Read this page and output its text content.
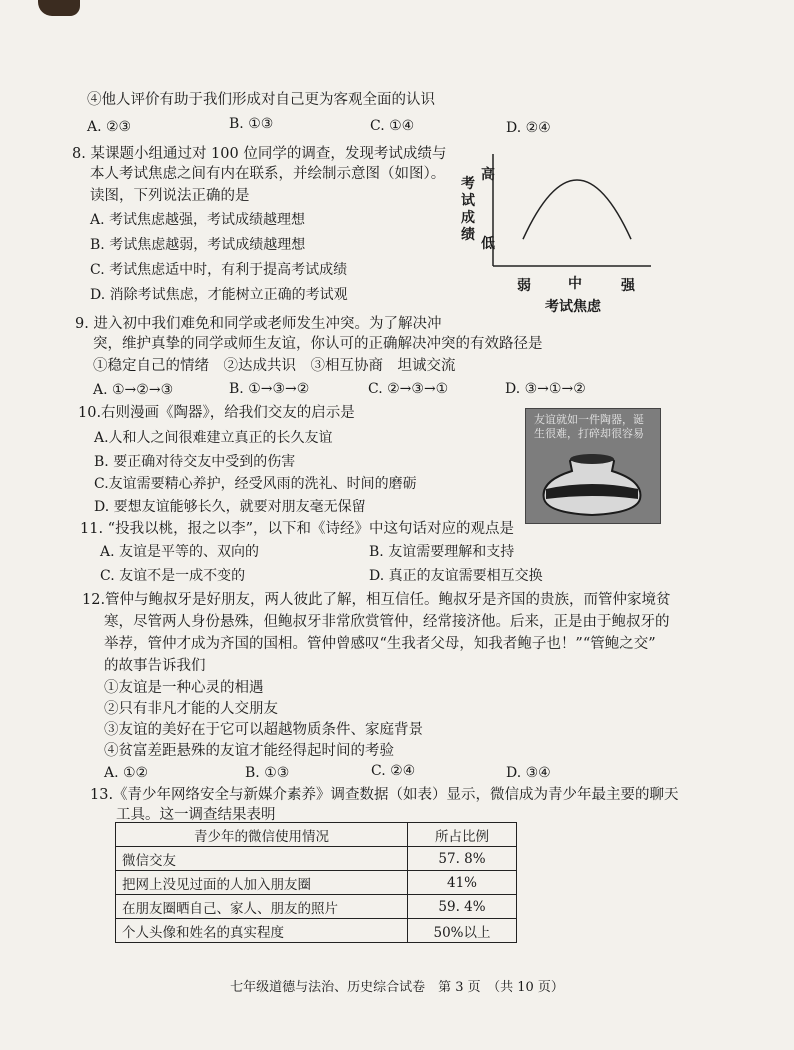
④他人评价有助于我们形成对自己更为客观全面的认识
A. ②③	B. ①③	C. ①④	D. ②④
8. 某课题小组通过对 100 位同学的调查，发现考试成绩与
本人考试焦虑之间有内在联系，并绘制示意图（如图）。
读图，下列说法正确的是
A. 考试焦虑越强，考试成绩越理想
B. 考试焦虑越弱，考试成绩越理想
C. 考试焦虑适中时，有利于提高考试成绩
D. 消除考试焦虑，才能树立正确的考试观
高
考试成绩
低
弱	中	强
考试焦虑
9. 进入初中我们难免和同学或老师发生冲突。为了解决冲
突，维护真挚的同学或师生友谊，你认可的正确解决冲突的有效路径是
①稳定自己的情绪　②达成共识　③相互协商　坦诚交流
A. ①→②→③	B. ①→③→②	C. ②→③→①	D. ③→①→②
10.右则漫画《陶器》，给我们交友的启示是
A.人和人之间很难建立真正的长久友谊
B. 要正确对待交友中受到的伤害
C.友谊需要精心养护，经受风雨的洗礼、时间的磨砺
D. 要想友谊能够长久，就要对朋友毫无保留
友谊就如一件陶器，诞生很难，打碎却很容易
11. “投我以桃，报之以李”，以下和《诗经》中这句话对应的观点是
A. 友谊是平等的、双向的	B. 友谊需要理解和支持
C. 友谊不是一成不变的	D. 真正的友谊需要相互交换
12.管仲与鲍叔牙是好朋友，两人彼此了解，相互信任。鲍叔牙是齐国的贵族，而管仲家境贫
寒，尽管两人身份悬殊，但鲍叔牙非常欣赏管仲，经常接济他。后来，正是由于鲍叔牙的
举荐，管仲才成为齐国的国相。管仲曾感叹“生我者父母，知我者鲍子也！”“管鲍之交”
的故事告诉我们
①友谊是一种心灵的相遇
②只有非凡才能的人交朋友
③友谊的美好在于它可以超越物质条件、家庭背景
④贫富差距悬殊的友谊才能经得起时间的考验
A. ①②	B. ①③	C. ②④	D. ③④
13.《青少年网络安全与新媒介素养》调查数据（如表）显示，微信成为青少年最主要的聊天
工具。这一调查结果表明
青少年的微信使用情况	所占比例
微信交友	57. 8%
把网上没见过面的人加入朋友圈	41%
在朋友圈晒自己、家人、朋友的照片	59. 4%
个人头像和姓名的真实程度	50%以上
七年级道德与法治、历史综合试卷　第 3 页　（共 10 页）
